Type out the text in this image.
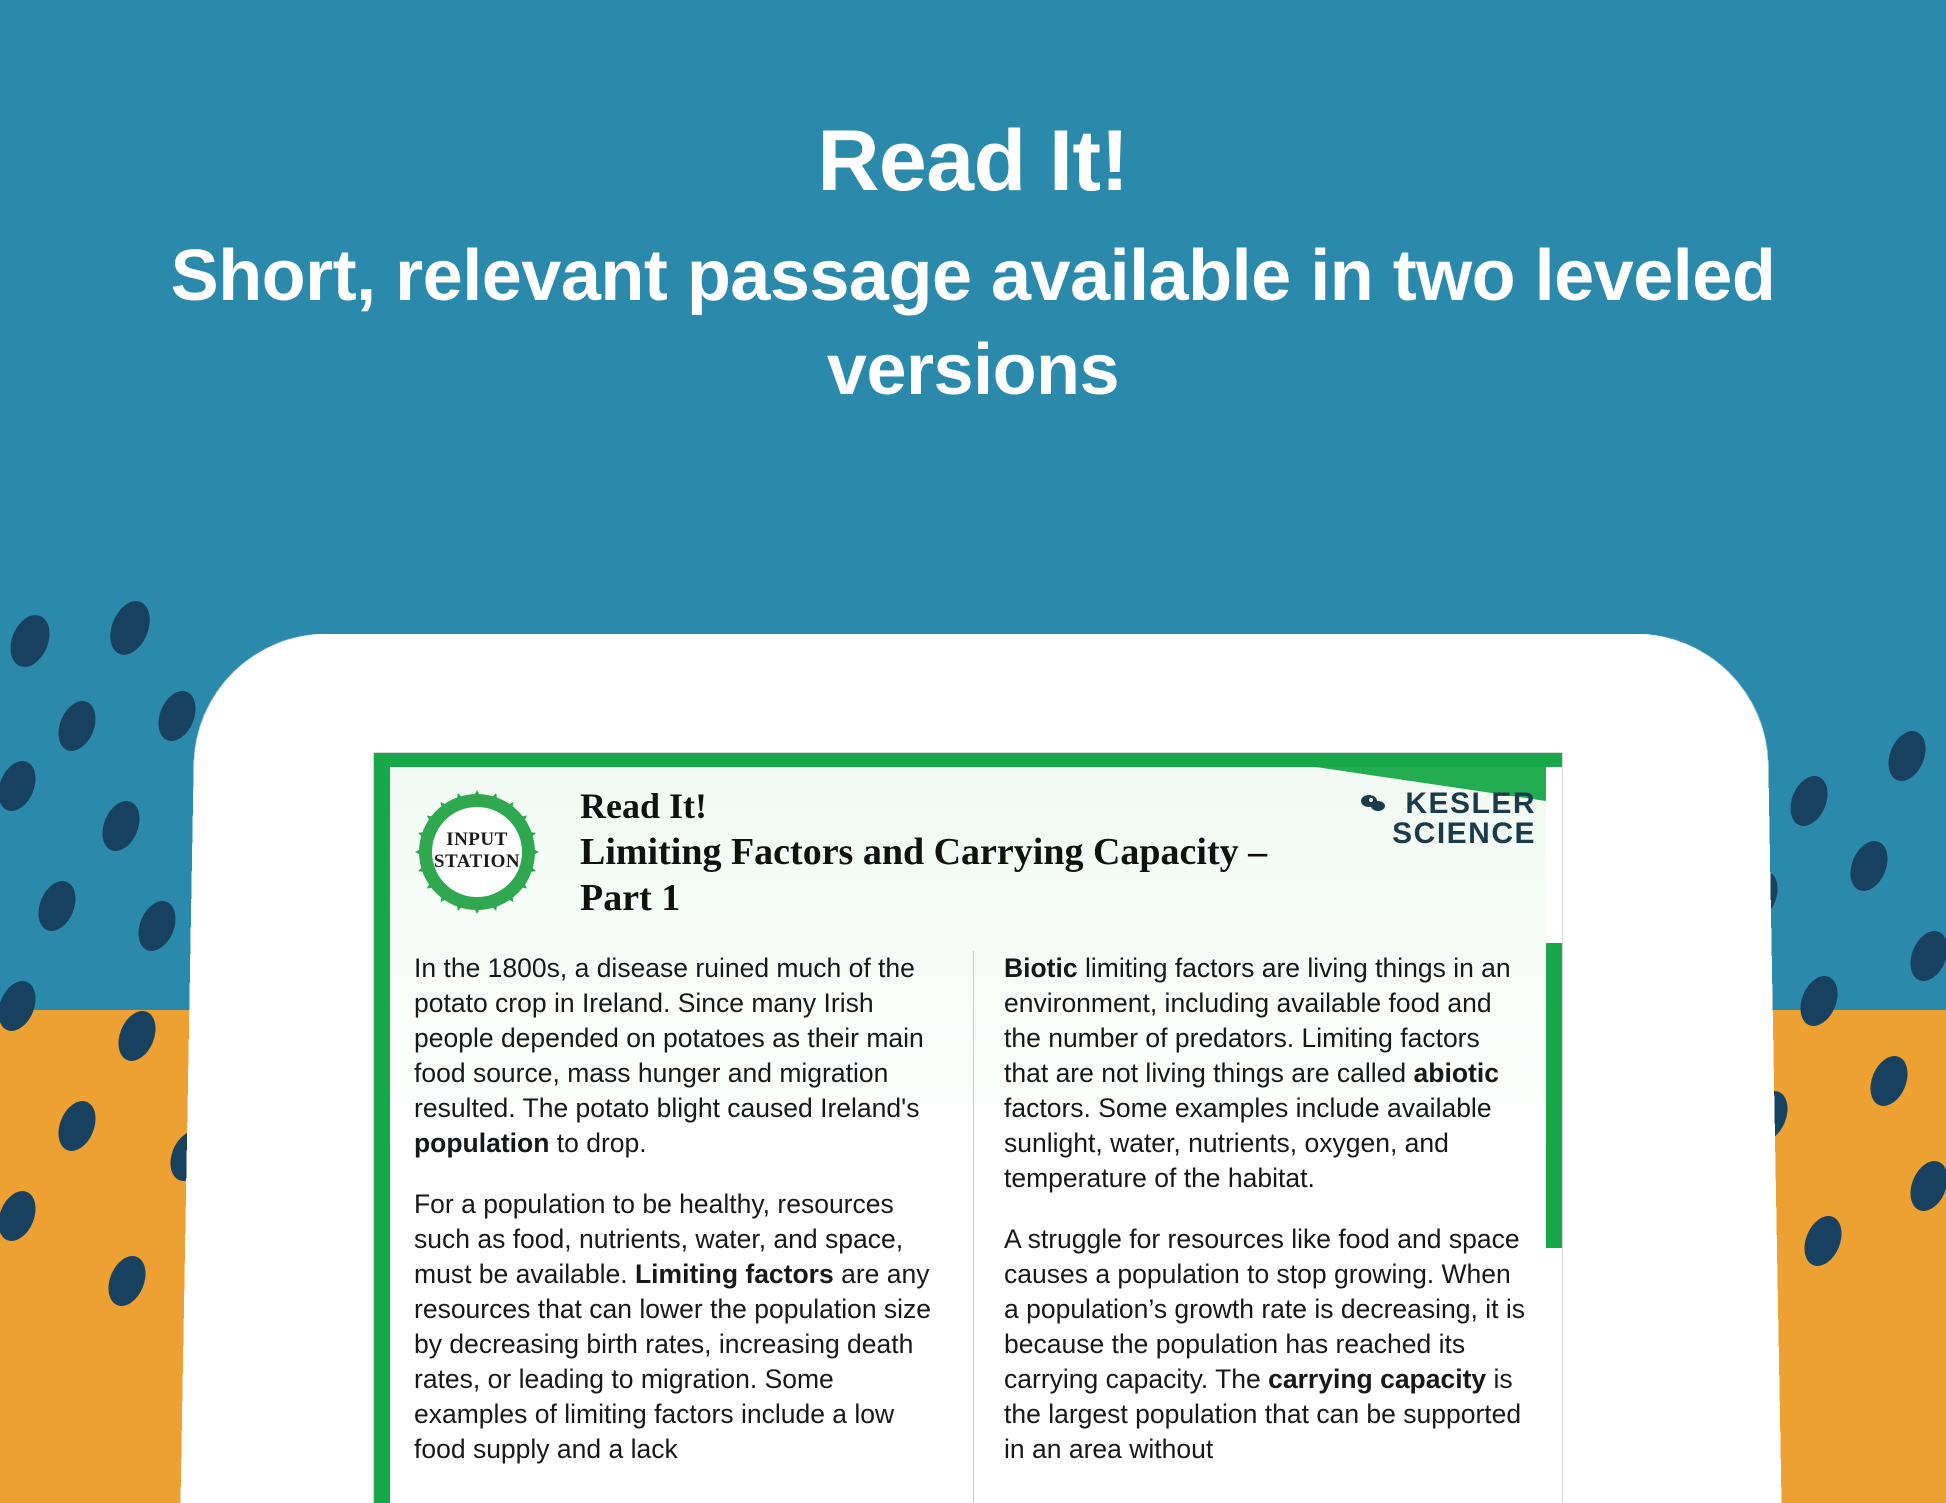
Read It!
Short, relevant passage available in two leveled versions
INPUT
STATION
Read It!
Limiting Factors and Carrying Capacity –
Part 1
KESLER
SCIENCE

In the 1800s, a disease ruined much of the potato crop in Ireland. Since many Irish people depended on potatoes as their main food source, mass hunger and migration resulted. The potato blight caused Ireland's population to drop.

For a population to be healthy, resources such as food, nutrients, water, and space, must be available. Limiting factors are any resources that can lower the population size by decreasing birth rates, increasing death rates, or leading to migration. Some examples of limiting factors include a low food supply and a lack

Biotic limiting factors are living things in an environment, including available food and the number of predators. Limiting factors that are not living things are called abiotic factors. Some examples include available sunlight, water, nutrients, oxygen, and temperature of the habitat.

A struggle for resources like food and space causes a population to stop growing. When a population’s growth rate is decreasing, it is because the population has reached its carrying capacity. The carrying capacity is the largest population that can be supported in an area without
